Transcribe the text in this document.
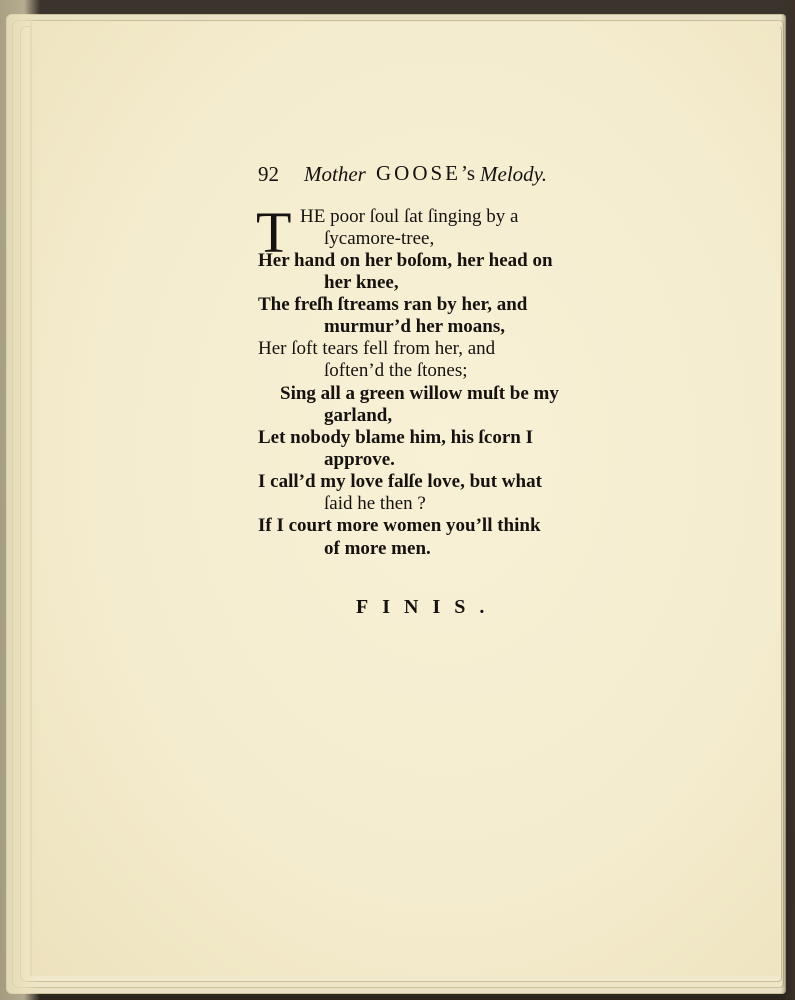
92 Mother GOOSE’s Melody.
T HE poor ſoul ſat ſinging by a
ſycamore-tree,
Her hand on her boſom, her head on
her knee,
The freſh ſtreams ran by her, and
murmur’d her moans,
Her ſoft tears fell from her, and
ſoften’d the ſtones;
Sing all a green willow muſt be my
garland,
Let nobody blame him, his ſcorn I
approve.
I call’d my love falſe love, but what
ſaid he then ?
If I court more women you’ll think
of more men.
FINIS.
